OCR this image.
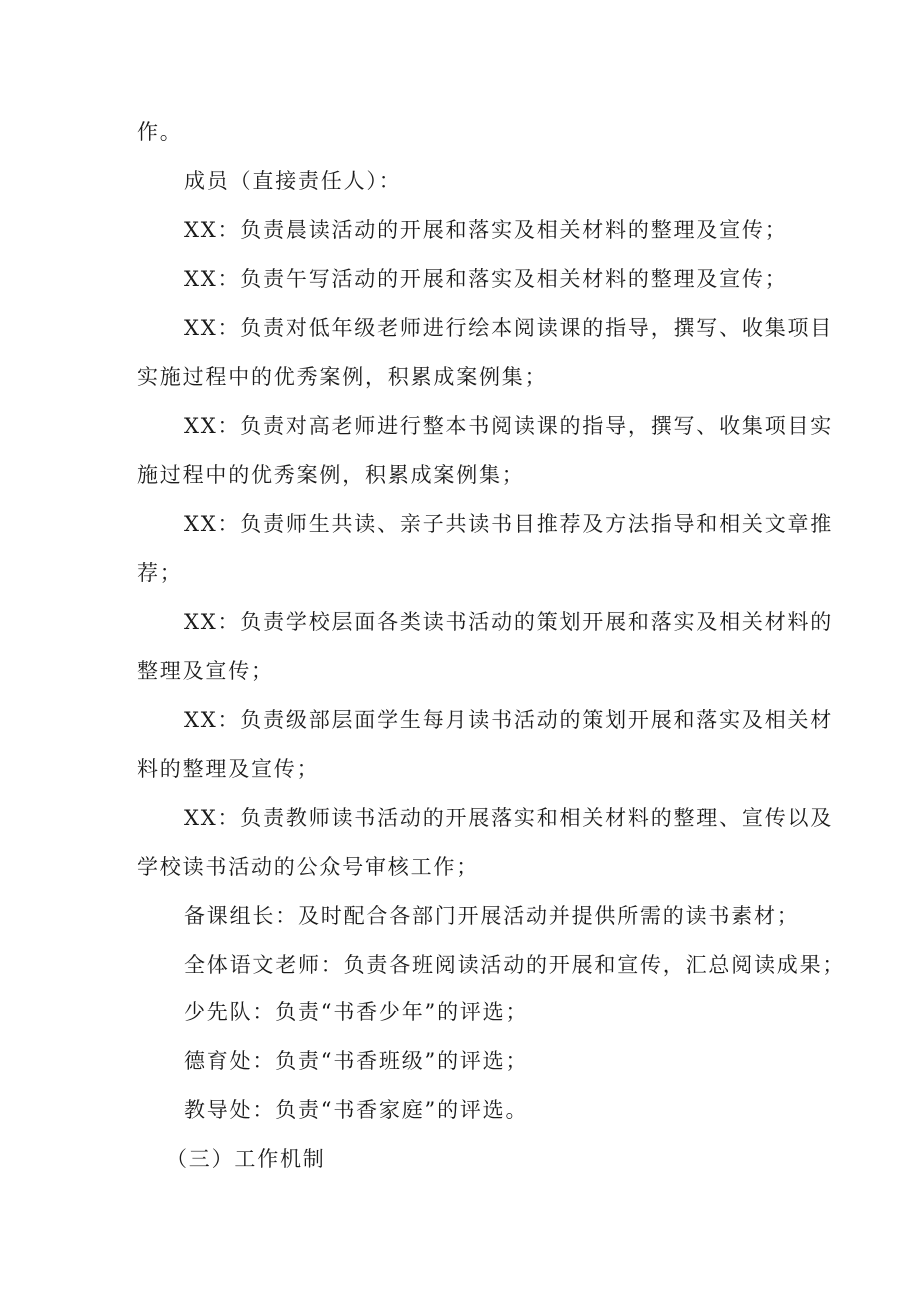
作。
成员（直接责任人）：
XX：负责晨读活动的开展和落实及相关材料的整理及宣传；
XX：负责午写活动的开展和落实及相关材料的整理及宣传；
XX：负责对低年级老师进行绘本阅读课的指导，撰写、收集项目
实施过程中的优秀案例，积累成案例集；
XX：负责对高老师进行整本书阅读课的指导，撰写、收集项目实
施过程中的优秀案例，积累成案例集；
XX：负责师生共读、亲子共读书目推荐及方法指导和相关文章推
荐；
XX：负责学校层面各类读书活动的策划开展和落实及相关材料的
整理及宣传；
XX：负责级部层面学生每月读书活动的策划开展和落实及相关材
料的整理及宣传；
XX：负责教师读书活动的开展落实和相关材料的整理、宣传以及
学校读书活动的公众号审核工作；
备课组长：及时配合各部门开展活动并提供所需的读书素材；
全体语文老师：负责各班阅读活动的开展和宣传，汇总阅读成果；
少先队：负责“书香少年”的评选；
德育处：负责“书香班级”的评选；
教导处：负责“书香家庭”的评选。
（三）工作机制
